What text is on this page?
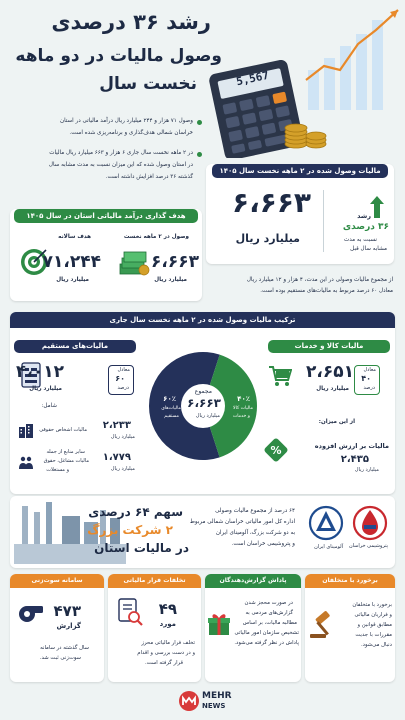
رشد ۳۶ درصدی
وصول مالیات در دو ماهه
نخست سال	5,567
وصول ۷۱ هزار و ۲۴۴ میلیارد ریال درآمد مالیاتی در استان
خراسان شمالی هدف‌گذاری و برنامه‌ریزی شده است.
در ۲ ماهه نخست سال جاری ۶ هزار و ۶۶۳ میلیارد ریال مالیات
در استان وصول شده که این میزان نسبت به مدت مشابه سال
گذشته ۳۶ درصد افزایش داشته است.
مالیات وصول شده در ۲ ماهه نخست سال ۱۴۰۵
۶،۶۶۳
میلیارد ریال
رشد
۳۶ درصدی
نسبت به مدت
مشابه سال قبل
هدف گذاری درآمد مالیاتی استان در سال ۱۴۰۵
هدف سالانه	وصول در ۲ ماهه نخست
۷۱،۲۴۴
میلیارد ریال
۶،۶۶۳
میلیارد ریال	از مجموع مالیات وصولی در این مدت، ۴ هزار و ۱۲ میلیارد ریال
معادل ۶۰ درصد مربوط به مالیات‌های مستقیم بوده است.
ترکیب مالیات وصول شده در ۲ ماهه نخست سال جاری
مالیات‌های مستقیم
۴،۰۱۲
میلیارد ریال
معادل
۶۰
درصد
شامل:
مالیات اشخاص حقوقی ۲،۲۳۳
میلیارد ریال
سایر منابع از جمله
مالیات مشاغل، حقوق
و مستغلات
۱،۷۷۹
میلیارد ریال
مجموع
۶،۶۶۳
میلیارد ریال
۶۰٪
مالیات‌های
مستقیم
۴۰٪
مالیات کالا
و خدمات
مالیات کالا و خدمات
۲،۶۵۱
میلیارد ریال
معادل
۴۰
درصد
از این میزان:
%	مالیات بر ارزش افزوده
۲،۴۳۵
میلیارد ریال
سهم ۶۴ درصدی
۲ شرکت بزرگ
در مالیات استان
۶۴ درصد از مجموع مالیات وصولی
اداره کل امور مالیاتی خراسان شمالی مربوط
به دو شرکت بزرگ، آلومینای ایران
و پتروشیمی خراسان است.	آلومینای ایران پتروشیمی خراسان
برخورد با متخلفان
برخورد با متخلفان
و فراریان مالیاتی
مطابق قوانین و
مقررات با جدیت
دنبال می‌شود.
پاداش گزارش‌دهندگان
در صورت محجز شدن
گزارش‌های مردمی به
مطالبه مالیات، بر اساس
تشخیص سازمان امور مالیاتی
پاداش در نظر گرفته می‌شود.
تخلفات فرار مالیاتی
۴۹
مورد
تخلف فرار مالیاتی محرز
و در دست بررسی و اقدام
قرار گرفته است.
سامانه سوت‌زنی
۴۷۳
گزارش
سال گذشته در سامانه
سوت‌زنی ثبت شد.
MEHR
NEWS
